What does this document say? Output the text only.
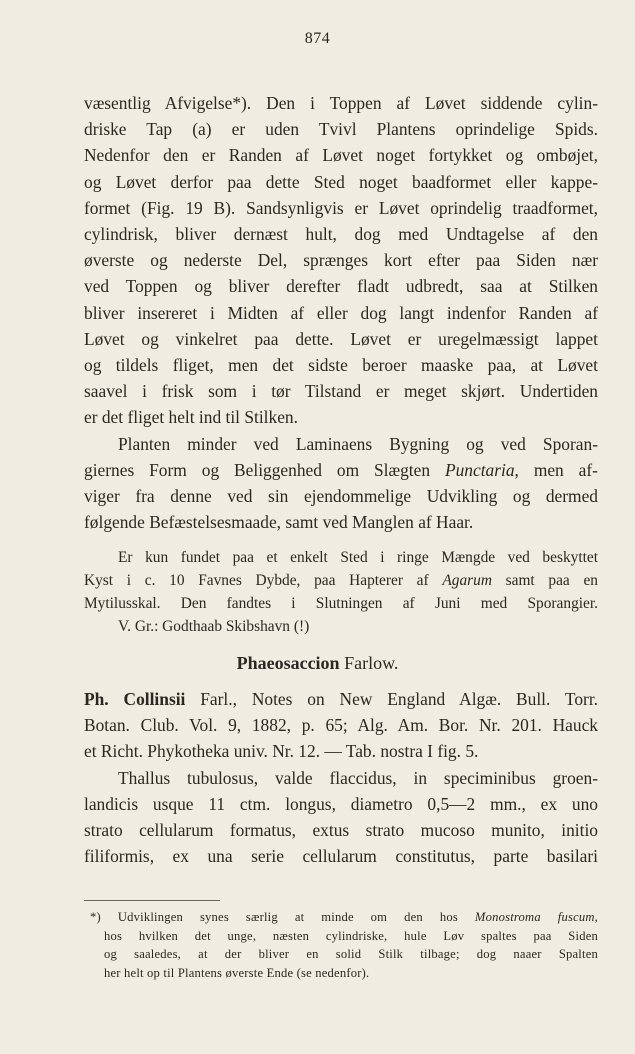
874
væsentlig Afvigelse*). Den i Toppen af Løvet siddende cylin-
driske Tap (a) er uden Tvivl Plantens oprindelige Spids.
Nedenfor den er Randen af Løvet noget fortykket og ombøjet,
og Løvet derfor paa dette Sted noget baadformet eller kappe-
formet (Fig. 19 B). Sandsynligvis er Løvet oprindelig traadformet,
cylindrisk, bliver dernæst hult, dog med Undtagelse af den
øverste og nederste Del, sprænges kort efter paa Siden nær
ved Toppen og bliver derefter fladt udbredt, saa at Stilken
bliver insereret i Midten af eller dog langt indenfor Randen af
Løvet og vinkelret paa dette. Løvet er uregelmæssigt lappet
og tildels fliget, men det sidste beroer maaske paa, at Løvet
saavel i frisk som i tør Tilstand er meget skjørt. Undertiden
er det fliget helt ind til Stilken.
Planten minder ved Laminaens Bygning og ved Sporan-
giernes Form og Beliggenhed om Slægten Punctaria, men af-
viger fra denne ved sin ejendommelige Udvikling og dermed
følgende Befæstelsesmaade, samt ved Manglen af Haar.
Er kun fundet paa et enkelt Sted i ringe Mængde ved beskyttet
Kyst i c. 10 Favnes Dybde, paa Hapterer af Agarum samt paa en
Mytilusskal. Den fandtes i Slutningen af Juni med Sporangier.
V. Gr.: Godthaab Skibshavn (!)
Phaeosaccion Farlow.
Ph. Collinsii Farl., Notes on New England Algæ. Bull. Torr.
Botan. Club. Vol. 9, 1882, p. 65; Alg. Am. Bor. Nr. 201. Hauck
et Richt. Phykotheka univ. Nr. 12. — Tab. nostra I fig. 5.
Thallus tubulosus, valde flaccidus, in speciminibus groen-
landicis usque 11 ctm. longus, diametro 0,5—2 mm., ex uno
strato cellularum formatus, extus strato mucoso munito, initio
filiformis, ex una serie cellularum constitutus, parte basilari
*) Udviklingen synes særlig at minde om den hos Monostroma fuscum,
hos hvilken det unge, næsten cylindriske, hule Løv spaltes paa Siden
og saaledes, at der bliver en solid Stilk tilbage; dog naaer Spalten
her helt op til Plantens øverste Ende (se nedenfor).
